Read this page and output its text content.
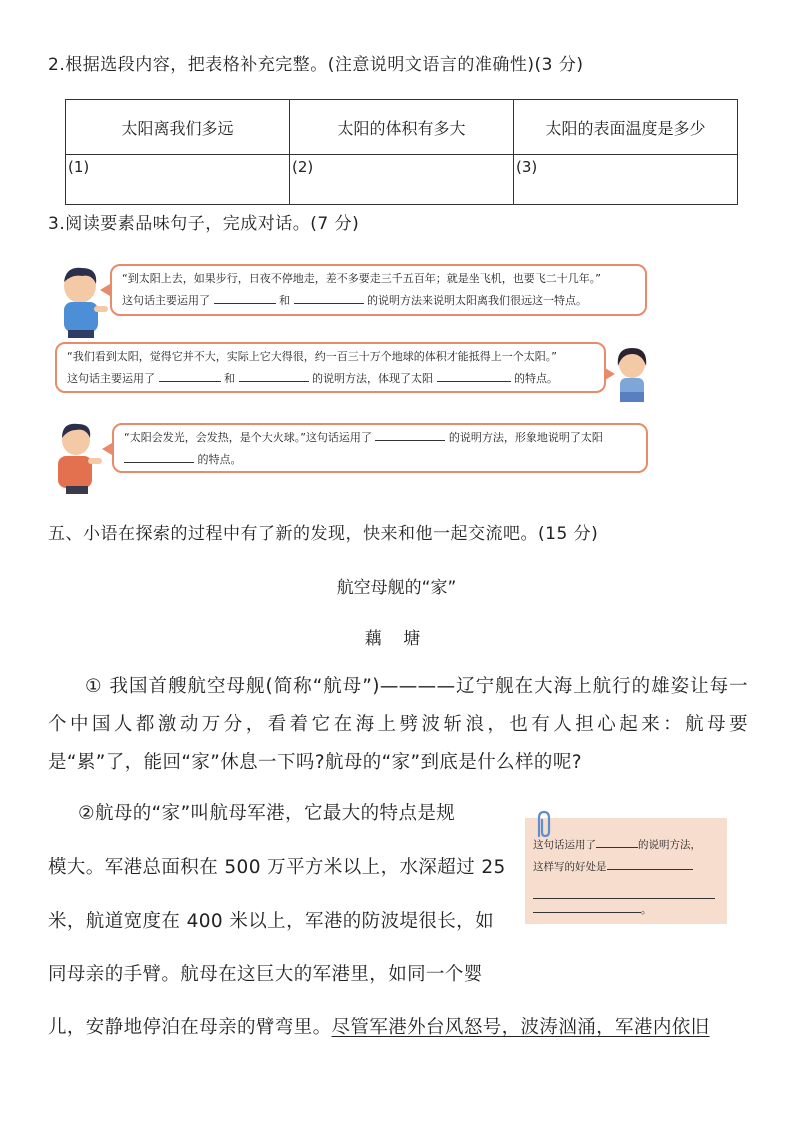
2.根据选段内容，把表格补充完整。(注意说明文语言的准确性)(3 分)
太阳离我们多远	太阳的体积有多大	太阳的表面温度是多少
(1)	(2)	(3)
3.阅读要素品味句子，完成对话。(7 分)
“到太阳上去，如果步行，日夜不停地走，差不多要走三千五百年；就是坐飞机，也要飞二十几年。”
这句话主要运用了	和	的说明方法来说明太阳离我们很远这一特点。
“我们看到太阳，觉得它并不大，实际上它大得很，约一百三十万个地球的体积才能抵得上一个太阳。”
这句话主要运用了	和	的说明方法，体现了太阳	的特点。
“太阳会发光，会发热，是个大火球。”这句话运用了	的说明方法，形象地说明了太阳
的特点。
五、小语在探索的过程中有了新的发现，快来和他一起交流吧。(15 分)
航空母舰的“家”
藕 塘
① 我国首艘航空母舰(简称“航母”)————辽宁舰在大海上航行的雄姿让每一个中国人都激动万分，看着它在海上劈波斩浪，也有人担心起来：航母要是“累”了，能回“家”休息一下吗?航母的“家”到底是什么样的呢?
②航母的“家”叫航母军港，它最大的特点是规
模大。军港总面积在 500 万平方米以上，水深超过 25
米，航道宽度在 400 米以上，军港的防波堤很长，如
同母亲的手臂。航母在这巨大的军港里，如同一个婴
儿，安静地停泊在母亲的臂弯里。尽管军港外台风怒号，波涛汹涌，军港内依旧
这句话运用了	的说明方法，
这样写的好处是
。
